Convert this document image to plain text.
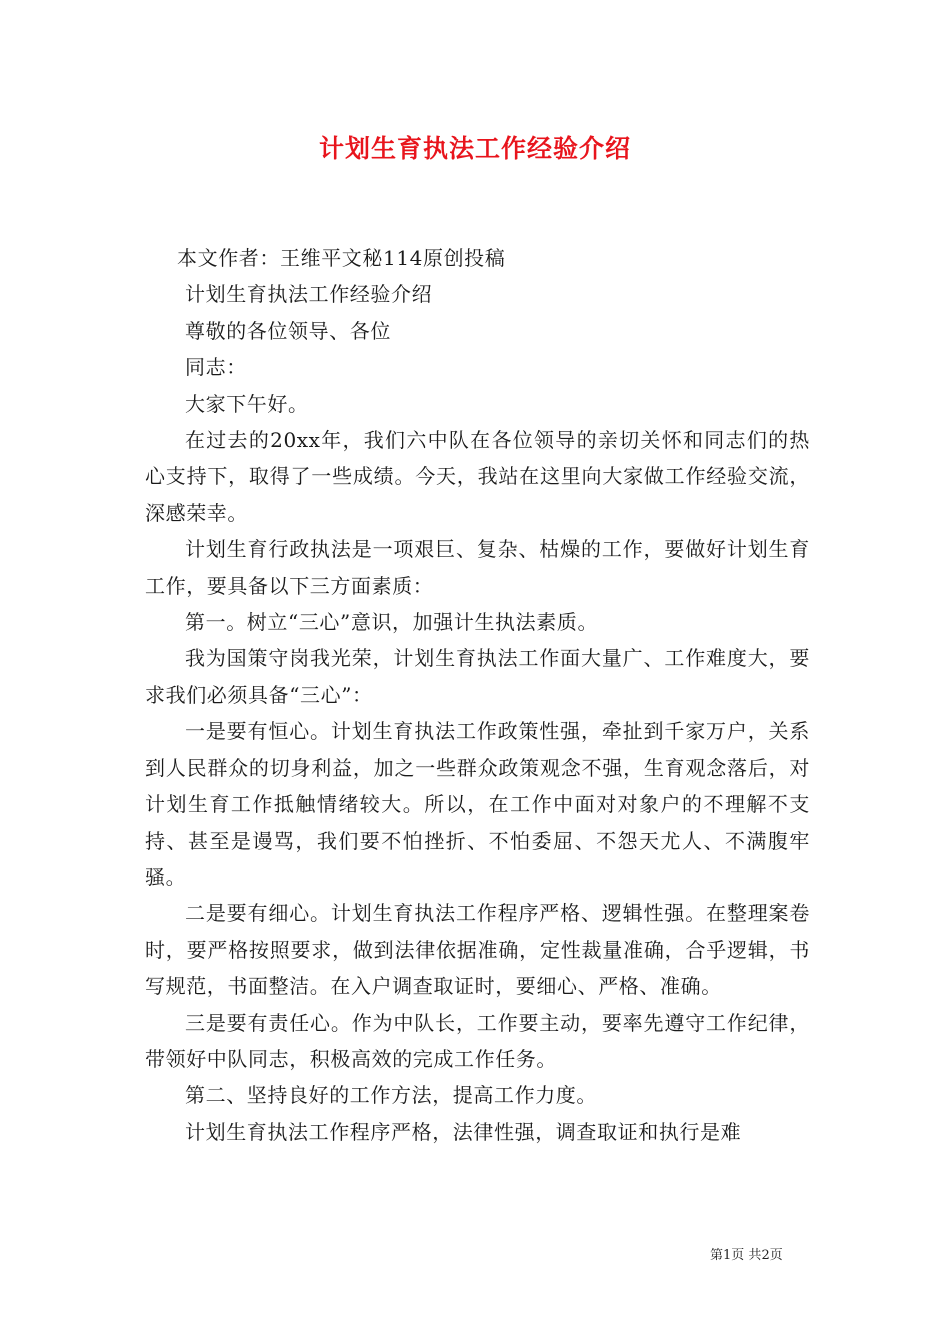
计划生育执法工作经验介绍

本文作者：王维平文秘114原创投稿

计划生育执法工作经验介绍

尊敬的各位领导、各位

同志：

大家下午好。

在过去的20xx年，我们六中队在各位领导的亲切关怀和同志们的热心支持下，取得了一些成绩。今天，我站在这里向大家做工作经验交流，深感荣幸。

计划生育行政执法是一项艰巨、复杂、枯燥的工作，要做好计划生育工作，要具备以下三方面素质：

第一。树立“三心”意识，加强计生执法素质。

我为国策守岗我光荣，计划生育执法工作面大量广、工作难度大，要求我们必须具备“三心”：

一是要有恒心。计划生育执法工作政策性强，牵扯到千家万户，关系到人民群众的切身利益，加之一些群众政策观念不强，生育观念落后，对计划生育工作抵触情绪较大。所以，在工作中面对对象户的不理解不支持、甚至是谩骂，我们要不怕挫折、不怕委屈、不怨天尤人、不满腹牢骚。

二是要有细心。计划生育执法工作程序严格、逻辑性强。在整理案卷时，要严格按照要求，做到法律依据准确，定性裁量准确，合乎逻辑，书写规范，书面整洁。在入户调查取证时，要细心、严格、准确。

三是要有责任心。作为中队长，工作要主动，要率先遵守工作纪律，带领好中队同志，积极高效的完成工作任务。

第二、坚持良好的工作方法，提高工作力度。

计划生育执法工作程序严格，法律性强，调查取证和执行是难

第1页 共2页
